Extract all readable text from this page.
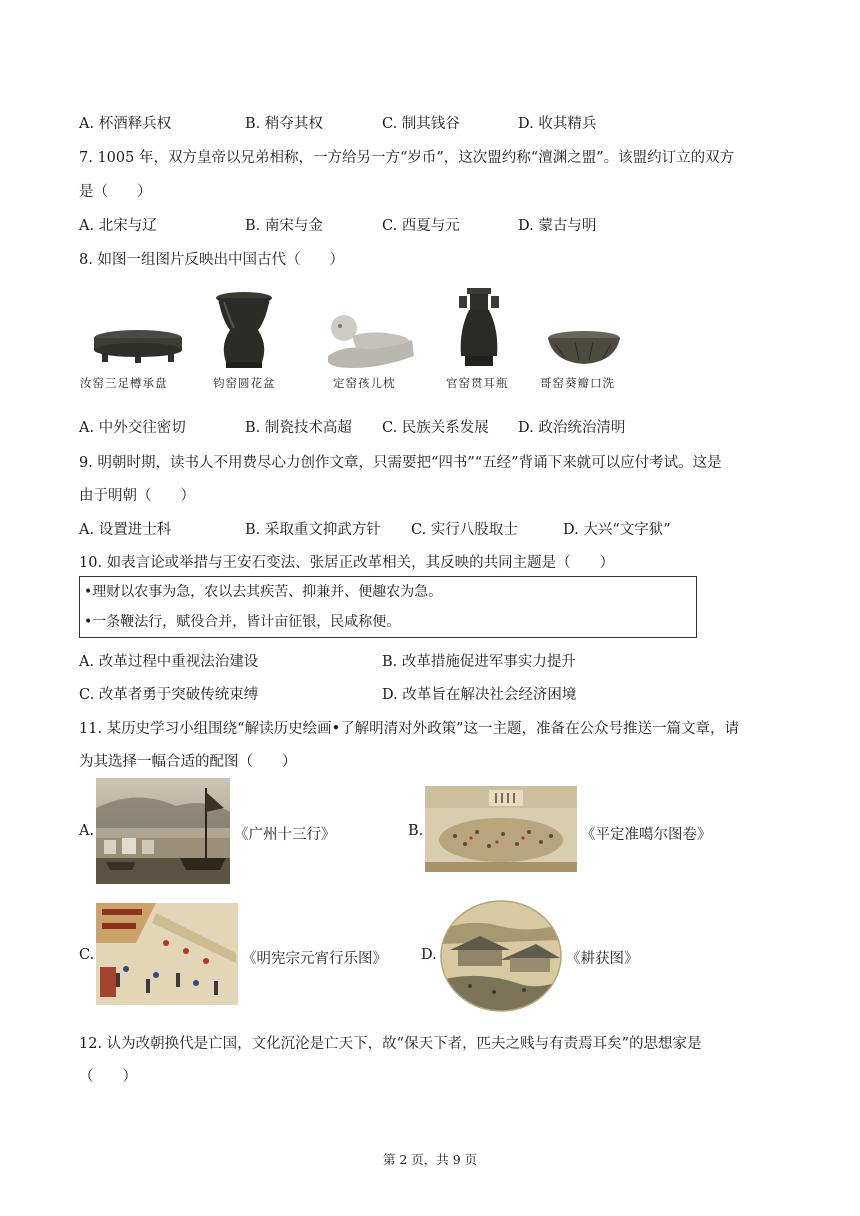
A. 杯酒释兵权	B. 稍夺其权	C. 制其钱谷	D. 收其精兵
7. 1005 年，双方皇帝以兄弟相称，一方给另一方“岁币”，这次盟约称“澶渊之盟”。该盟约订立的双方
是（　　）
A. 北宋与辽	B. 南宋与金	C. 西夏与元	D. 蒙古与明
8. 如图一组图片反映出中国古代（　　）
汝窑三足樽承盘	钧窑圆花盆	定窑孩儿枕	官窑贯耳瓶	哥窑葵瓣口洗
A. 中外交往密切	B. 制瓷技术高超 C. 民族关系发展 D. 政治统治清明
9. 明朝时期，读书人不用费尽心力创作文章，只需要把“四书”“五经”背诵下来就可以应付考试。这是
由于明朝（　　）
A. 设置进士科	B. 采取重文抑武方针 C. 实行八股取士	D. 大兴“文字狱”
10. 如表言论或举措与王安石变法、张居正改革相关，其反映的共同主题是（　　）
•理财以农事为急，农以去其疾苦、抑兼并、便趣农为急。
•一条鞭法行，赋役合并，皆计亩征银，民咸称便。
A. 改革过程中重视法治建设	B. 改革措施促进军事实力提升
C. 改革者勇于突破传统束缚	D. 改革旨在解决社会经济困境
11. 某历史学习小组围绕“解读历史绘画•了解明清对外政策”这一主题，准备在公众号推送一篇文章，请
为其选择一幅合适的配图（　　）
A.	《广州十三行》	B.	《平定准噶尔图卷》
C.	《明宪宗元宵行乐图》 D.	《耕获图》
12. 认为改朝换代是亡国，文化沉沦是亡天下，故“保天下者，匹夫之贱与有责焉耳矣”的思想家是
（　　）
第 2 页，共 9 页
